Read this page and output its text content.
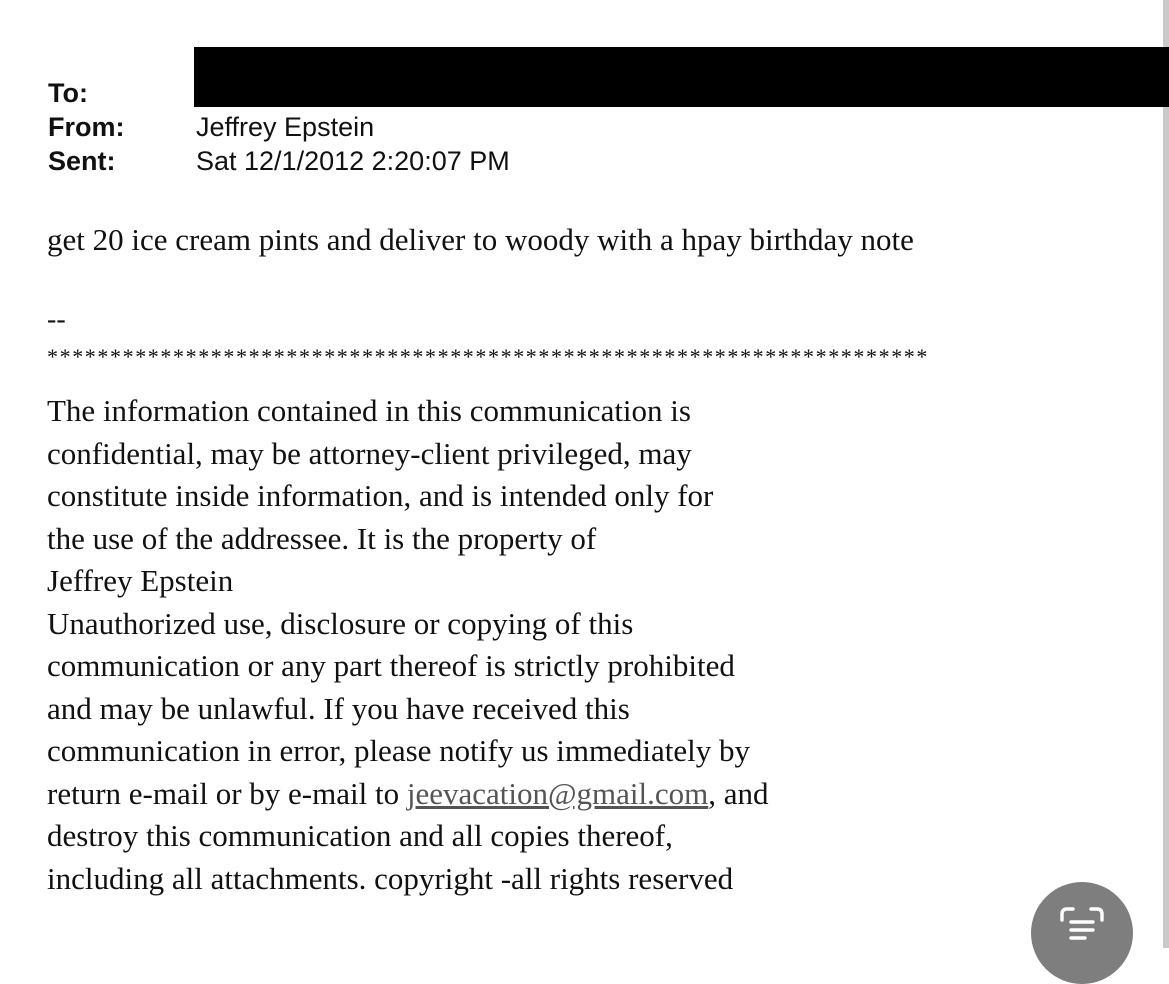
To:
From:	Jeffrey Epstein
Sent:	Sat 12/1/2012 2:20:07 PM
get 20 ice cream pints and deliver to woody with a hpay birthday note
--
**********************************************************************
The information contained in this communication is
confidential, may be attorney-client privileged, may
constitute inside information, and is intended only for
the use of the addressee. It is the property of
Jeffrey Epstein
Unauthorized use, disclosure or copying of this
communication or any part thereof is strictly prohibited
and may be unlawful. If you have received this
communication in error, please notify us immediately by
return e-mail or by e-mail to jeevacation@gmail.com, and
destroy this communication and all copies thereof,
including all attachments. copyright -all rights reserved
